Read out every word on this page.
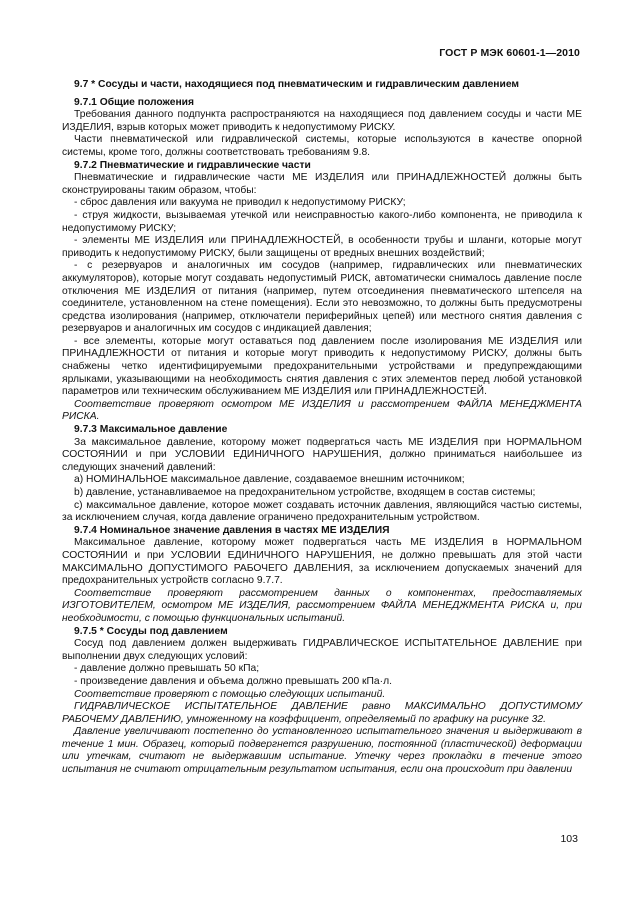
ГОСТ Р МЭК 60601-1—2010

9.7 * Сосуды и части, находящиеся под пневматическим и гидравлическим давлением

9.7.1 Общие положения

Требования данного подпункта распространяются на находящиеся под давлением сосуды и части МЕ ИЗДЕЛИЯ, взрыв которых может приводить к недопустимому РИСКУ.

Части пневматической или гидравлической системы, которые используются в качестве опорной системы, кроме того, должны соответствовать требованиям 9.8.

9.7.2 Пневматические и гидравлические части

Пневматические и гидравлические части МЕ ИЗДЕЛИЯ или ПРИНАДЛЕЖНОСТЕЙ должны быть сконструированы таким образом, чтобы:

- сброс давления или вакуума не приводил к недопустимому РИСКУ;

- струя жидкости, вызываемая утечкой или неисправностью какого-либо компонента, не приводила к недопустимому РИСКУ;

- элементы МЕ ИЗДЕЛИЯ или ПРИНАДЛЕЖНОСТЕЙ, в особенности трубы и шланги, которые могут приводить к недопустимому РИСКУ, были защищены от вредных внешних воздействий;

- с резервуаров и аналогичных им сосудов (например, гидравлических или пневматических аккумуляторов), которые могут создавать недопустимый РИСК, автоматически снималось давление после отключения МЕ ИЗДЕЛИЯ от питания (например, путем отсоединения пневматического штепселя на соединителе, установленном на стене помещения). Если это невозможно, то должны быть предусмотрены средства изолирования (например, отключатели периферийных цепей) или местного снятия давления с резервуаров и аналогичных им сосудов с индикацией давления;

- все элементы, которые могут оставаться под давлением после изолирования МЕ ИЗДЕЛИЯ или ПРИНАДЛЕЖНОСТИ от питания и которые могут приводить к недопустимому РИСКУ, должны быть снабжены четко идентифицируемыми предохранительными устройствами и предупреждающими ярлыками, указывающими на необходимость снятия давления с этих элементов перед любой установкой параметров или техническим обслуживанием МЕ ИЗДЕЛИЯ или ПРИНАДЛЕЖНОСТЕЙ.

Соответствие проверяют осмотром МЕ ИЗДЕЛИЯ и рассмотрением ФАЙЛА МЕНЕДЖМЕНТА РИСКА.

9.7.3 Максимальное давление

За максимальное давление, которому может подвергаться часть МЕ ИЗДЕЛИЯ при НОРМАЛЬНОМ СОСТОЯНИИ и при УСЛОВИИ ЕДИНИЧНОГО НАРУШЕНИЯ, должно приниматься наибольшее из следующих значений давлений:

а) НОМИНАЛЬНОЕ максимальное давление, создаваемое внешним источником;

b) давление, устанавливаемое на предохранительном устройстве, входящем в состав системы;

с) максимальное давление, которое может создавать источник давления, являющийся частью системы, за исключением случая, когда давление ограничено предохранительным устройством.

9.7.4 Номинальное значение давления в частях МЕ ИЗДЕЛИЯ

Максимальное давление, которому может подвергаться часть МЕ ИЗДЕЛИЯ в НОРМАЛЬНОМ СОСТОЯНИИ и при УСЛОВИИ ЕДИНИЧНОГО НАРУШЕНИЯ, не должно превышать для этой части МАКСИМАЛЬНО ДОПУСТИМОГО РАБОЧЕГО ДАВЛЕНИЯ, за исключением допускаемых значений для предохранительных устройств согласно 9.7.7.

Соответствие проверяют рассмотрением данных о компонентах, предоставляемых ИЗГОТОВИТЕЛЕМ, осмотром МЕ ИЗДЕЛИЯ, рассмотрением ФАЙЛА МЕНЕДЖМЕНТА РИСКА и, при необходимости, с помощью функциональных испытаний.

9.7.5 * Сосуды под давлением

Сосуд под давлением должен выдерживать ГИДРАВЛИЧЕСКОЕ ИСПЫТАТЕЛЬНОЕ ДАВЛЕНИЕ при выполнении двух следующих условий:

- давление должно превышать 50 кПа;

- произведение давления и объема должно превышать 200 кПа·л.

Соответствие проверяют с помощью следующих испытаний.

ГИДРАВЛИЧЕСКОЕ ИСПЫТАТЕЛЬНОЕ ДАВЛЕНИЕ равно МАКСИМАЛЬНО ДОПУСТИМОМУ РАБОЧЕМУ ДАВЛЕНИЮ, умноженному на коэффициент, определяемый по графику на рисунке 32.

Давление увеличивают постепенно до установленного испытательного значения и выдерживают в течение 1 мин. Образец, который подвергнется разрушению, постоянной (пластической) деформации или утечкам, считают не выдержавшим испытание. Утечку через прокладки в течение этого испытания не считают отрицательным результатом испытания, если она происходит при давлении

103
